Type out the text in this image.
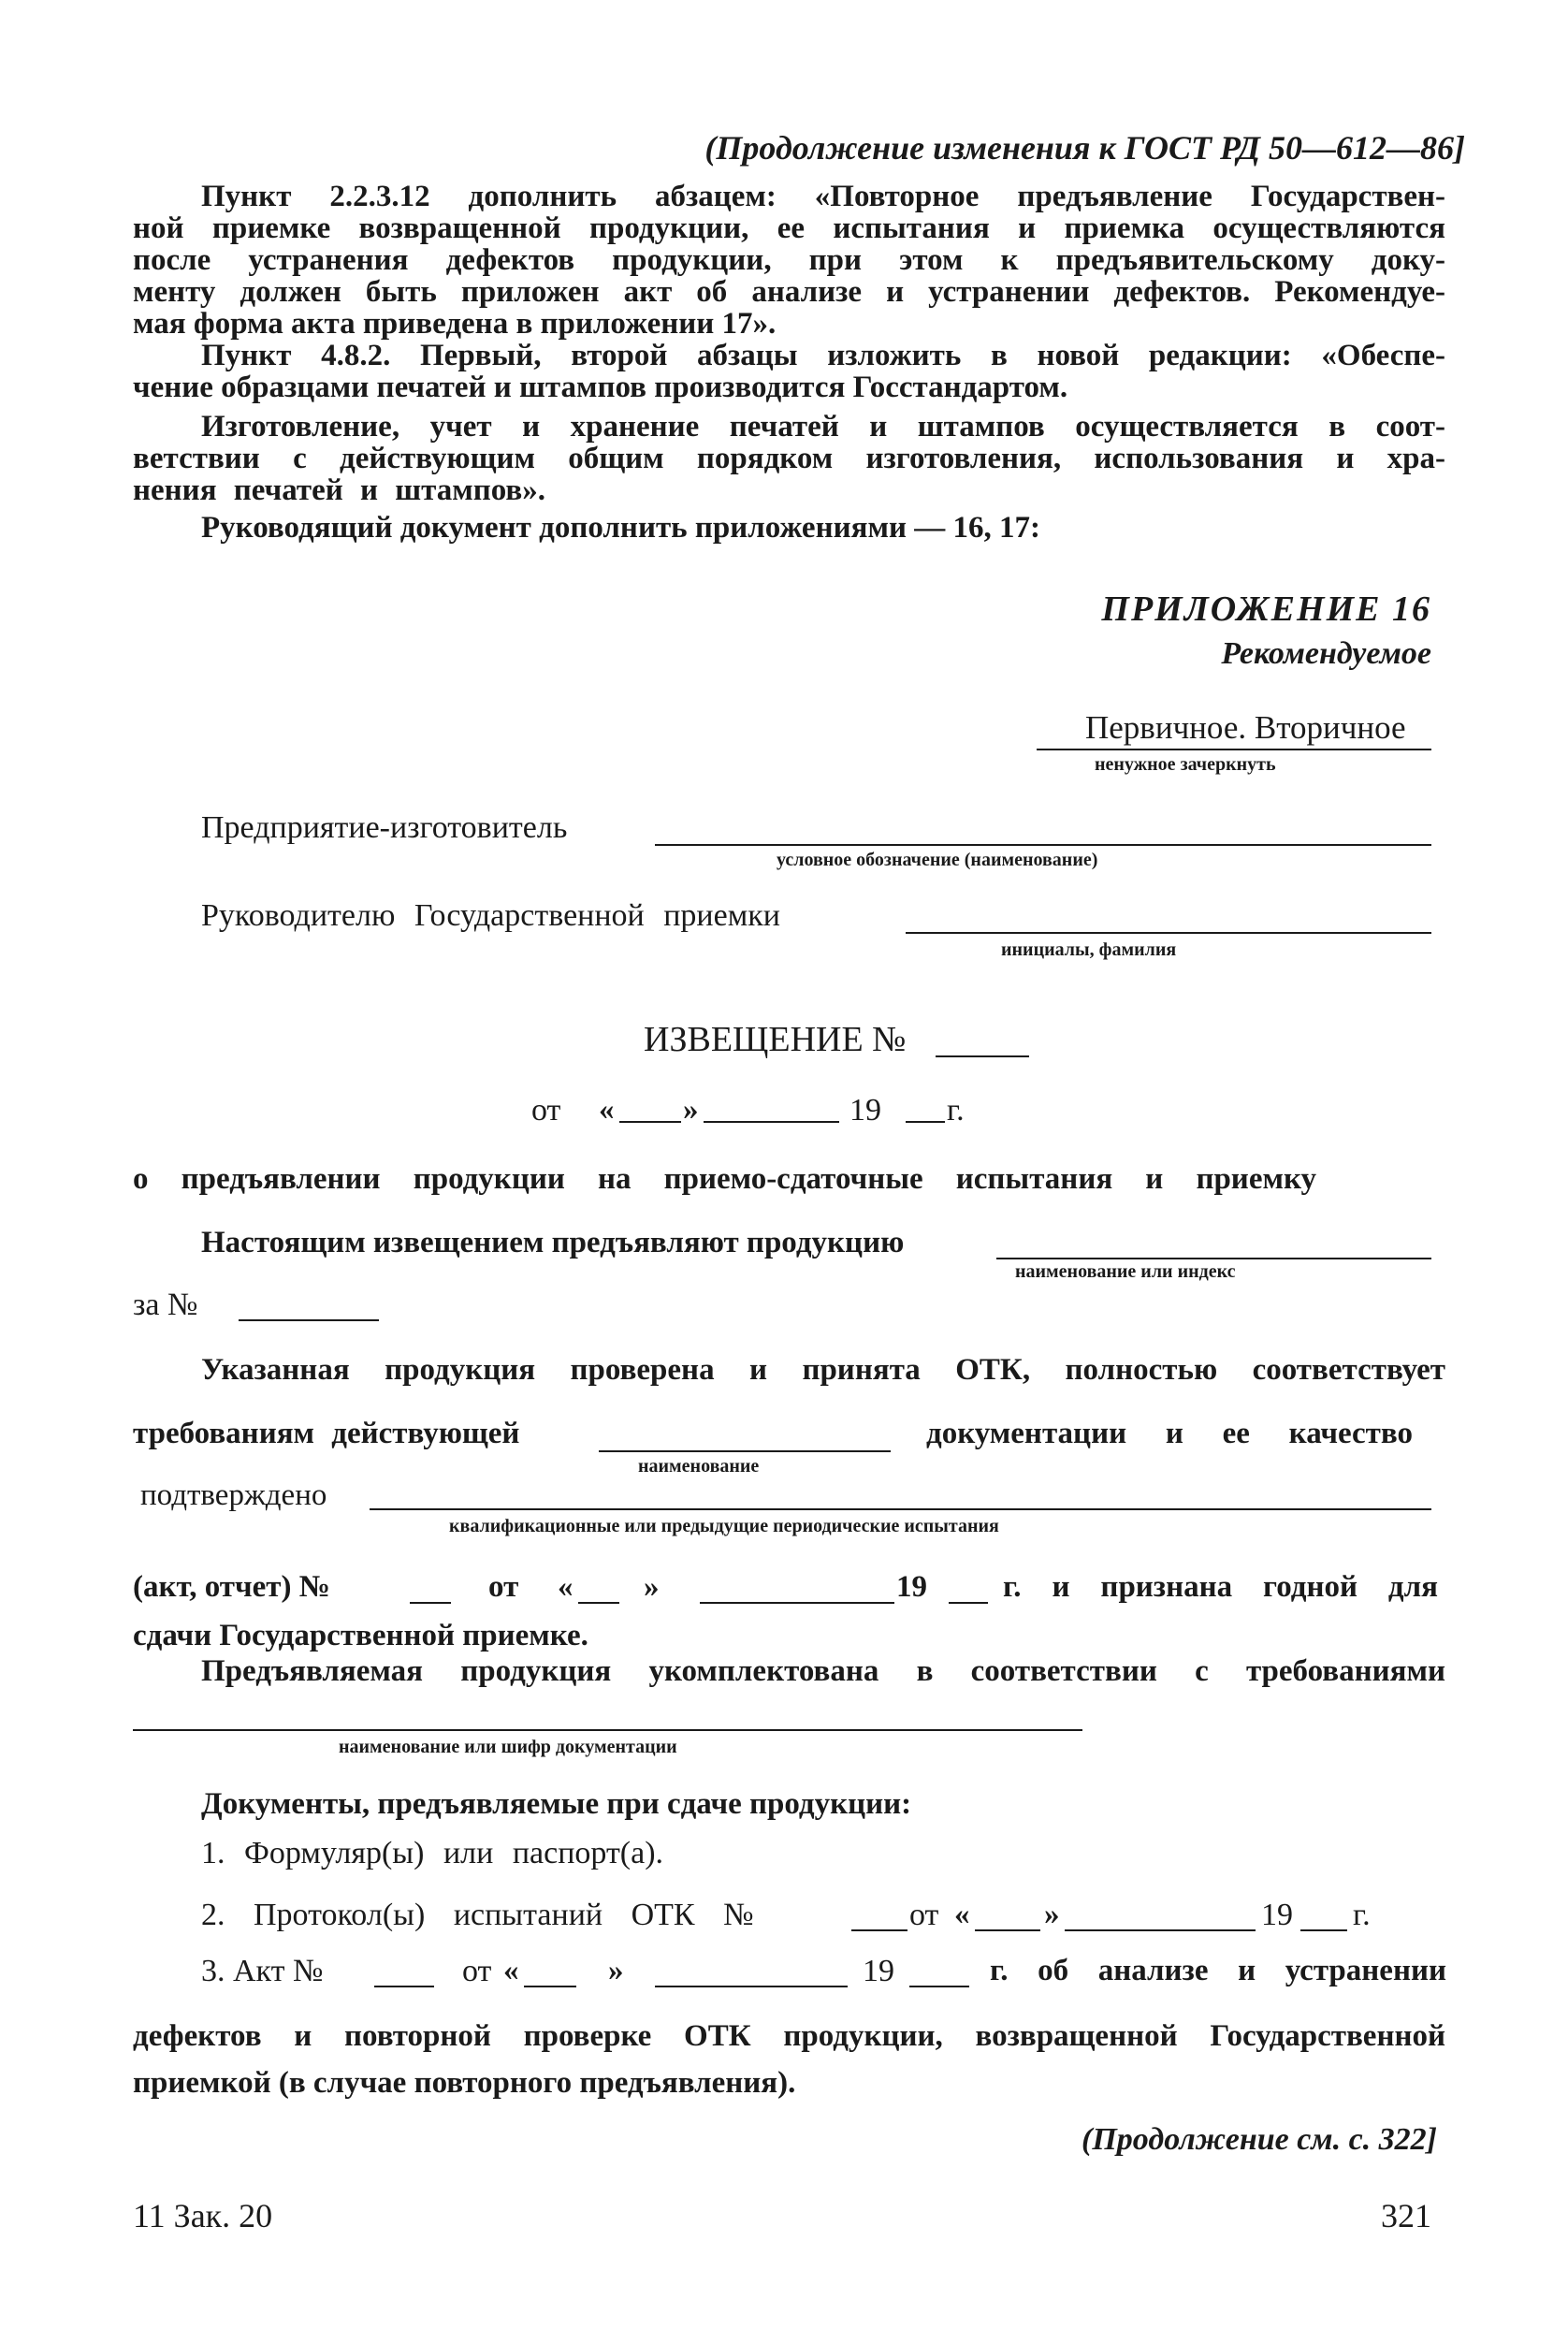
(Продолжение изменения к ГОСТ РД 50—612—86]
Пункт 2.2.3.12 дополнить абзацем: «Повторное предъявление Государствен-
ной приемке возвращенной продукции, ее испытания и приемка осуществляются
после устранения дефектов продукции, при этом к предъявительскому доку-
менту должен быть приложен акт об анализе и устранении дефектов. Рекомендуе-
мая форма акта приведена в приложении 17».
Пункт 4.8.2. Первый, второй абзацы изложить в новой редакции: «Обеспе-
чение образцами печатей и штампов производится Госстандартом.
Изготовление, учет и хранение печатей и штампов осуществляется в соот-
ветствии с действующим общим порядком изготовления, использования и хра-
нения печатей и штампов».
Руководящий документ дополнить приложениями — 16, 17:
ПРИЛОЖЕНИЕ 16
Рекомендуемое
Первичное. Вторичное
ненужное зачеркнуть
Предприятие-изготовитель
условное обозначение (наименование)
Руководителю Государственной приемки
инициалы, фамилия
ИЗВЕЩЕНИЕ №
от « »	19 г.
о предъявлении продукции на приемо-сдаточные испытания и приемку
Настоящим извещением предъявляют продукцию
наименование или индекс
за №
Указанная продукция проверена и принята ОТК, полностью соответствует
требованиям действующей
наименование
документации и ее качество
подтверждено
квалификационные или предыдущие периодические испытания
(акт, отчет) №	от « »	19 г. и признана годной для
сдачи Государственной приемке.
Предъявляемая продукция укомплектована в соответствии с требованиями
наименование или шифр документации
Документы, предъявляемые при сдаче продукции:
1. Формуляр(ы) или паспорт(а).
2. Протокол(ы) испытаний ОТК №	от « »	19 г.
3. Акт №	от «	»	19	г. об анализе и устранении
дефектов и повторной проверке ОТК продукции, возвращенной Государственной
приемкой (в случае повторного предъявления).
(Продолжение см. с. 322]
11 Зак. 20	321
